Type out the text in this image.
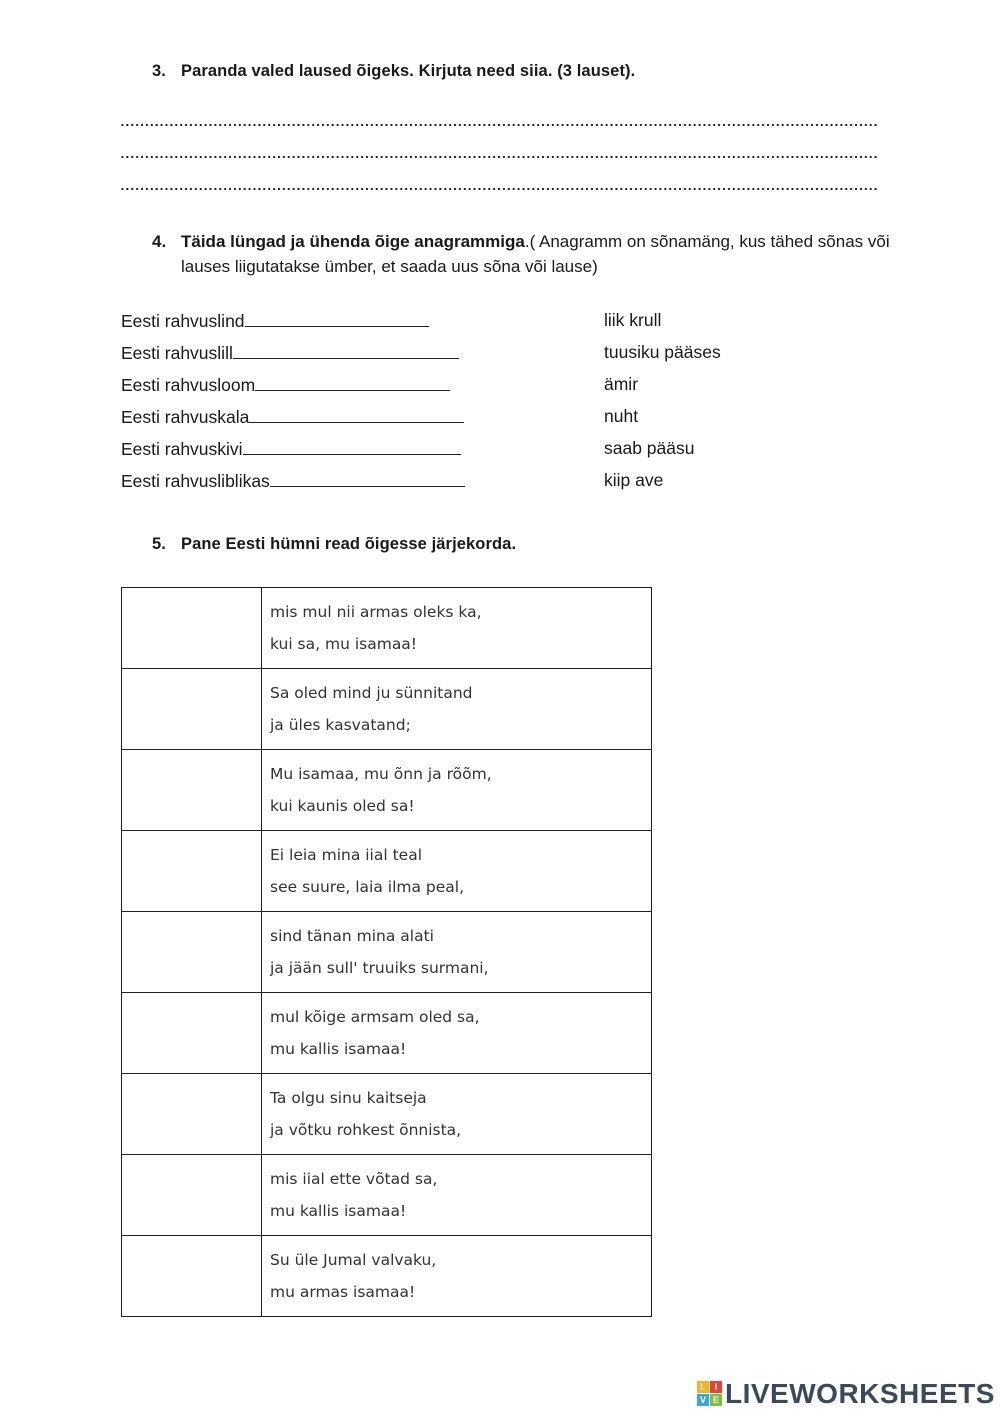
3. Paranda valed laused õigeks. Kirjuta need siia. (3 lauset).
4. Täida lüngad ja ühenda õige anagrammiga.( Anagramm on sõnamäng, kus tähed sõnas või lauses liigutatakse ümber, et saada uus sõna või lause)
Eesti rahvuslind	liik krull
Eesti rahvuslill	tuusiku pääses
Eesti rahvusloom	ämir
Eesti rahvuskala	nuht
Eesti rahvuskivi	saab pääsu
Eesti rahvusliblikas	kiip ave
5. Pane Eesti hümni read õigesse järjekorda.

	mis mul nii armas oleks ka,
kui sa, mu isamaa!

	Sa oled mind ju sünnitand
ja üles kasvatand;

	Mu isamaa, mu õnn ja rõõm,
kui kaunis oled sa!

	Ei leia mina iial teal
see suure, laia ilma peal,

	sind tänan mina alati
ja jään sull' truuiks surmani,

	mul kõige armsam oled sa,
mu kallis isamaa!

	Ta olgu sinu kaitseja
ja võtku rohkest õnnista,

	mis iial ette võtad sa,
mu kallis isamaa!

	Su üle Jumal valvaku,
mu armas isamaa!
L I
V E LIVEWORKSHEETS
